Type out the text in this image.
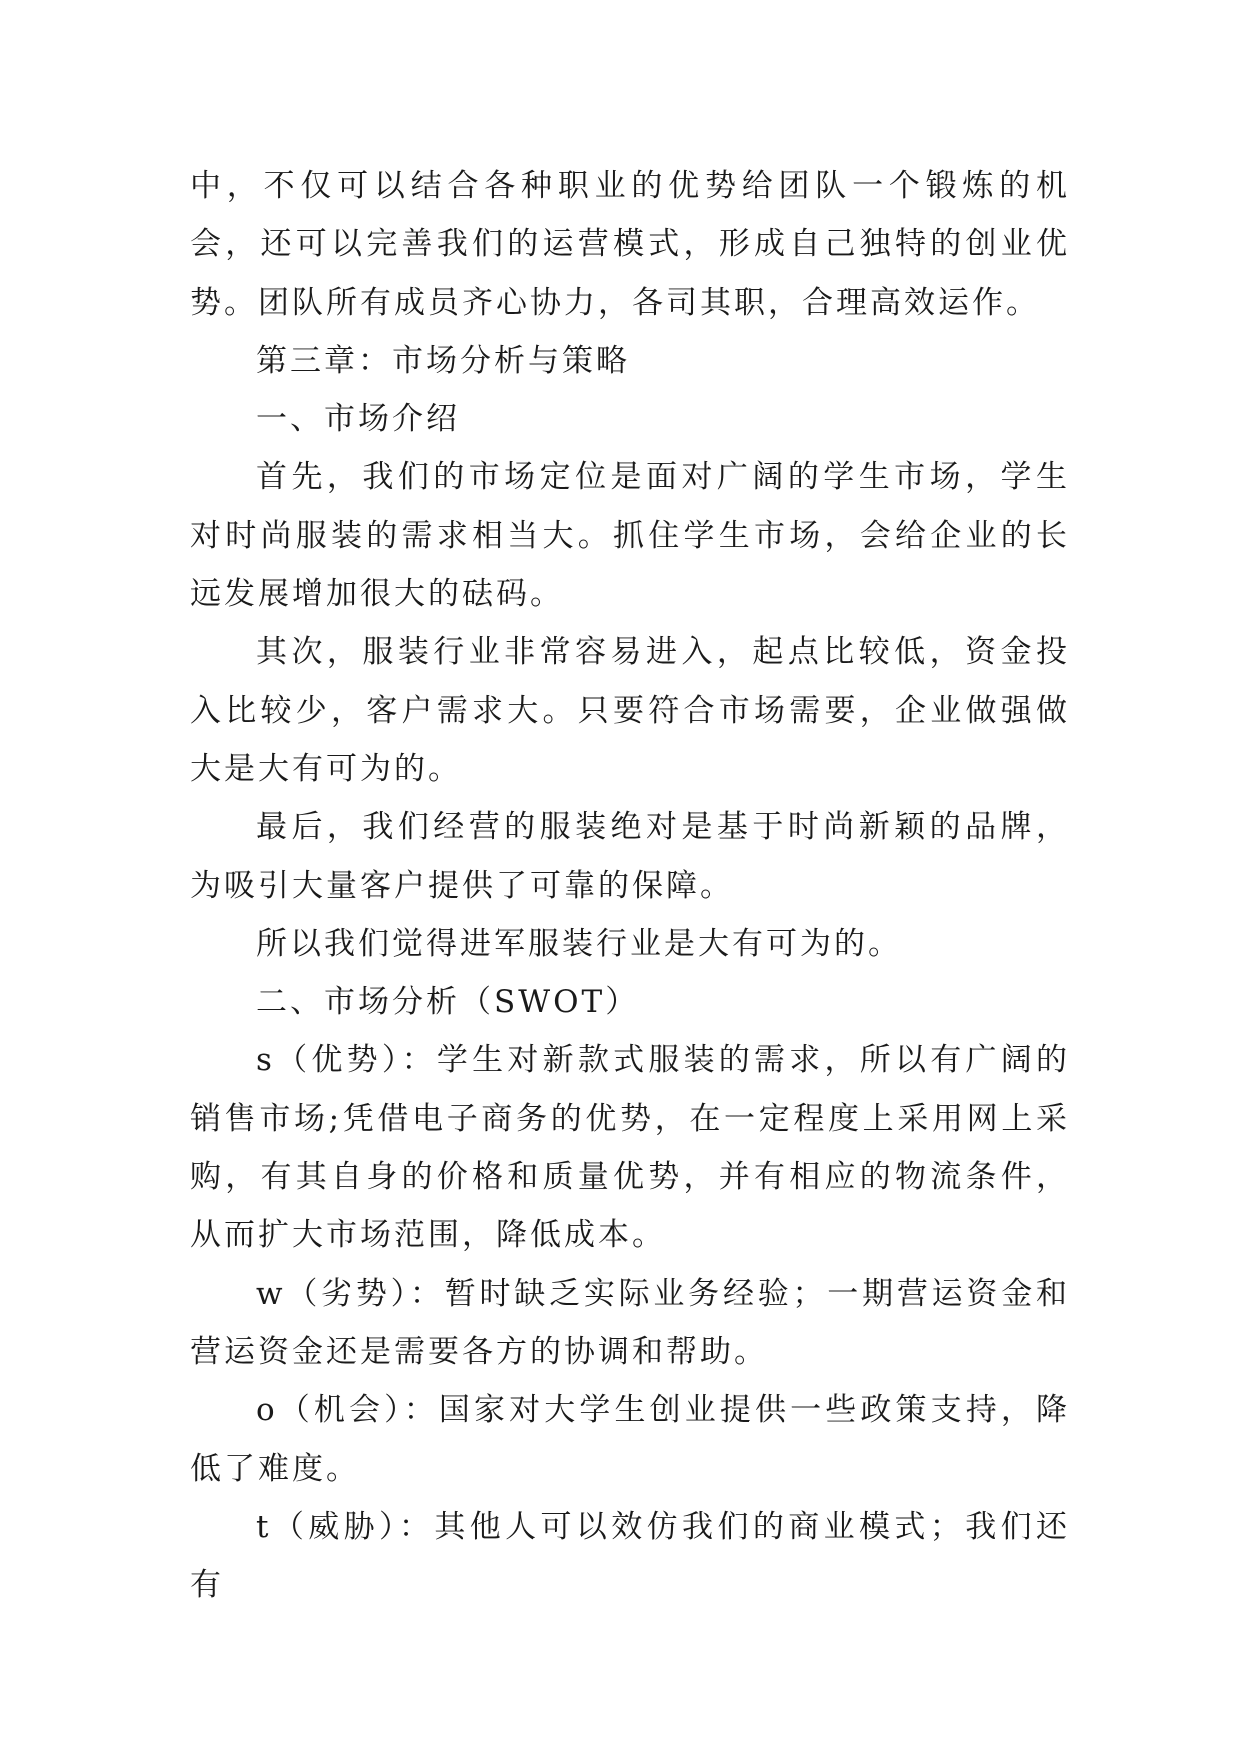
中，不仅可以结合各种职业的优势给团队一个锻炼的机会，还可以完善我们的运营模式，形成自己独特的创业优势。团队所有成员齐心协力，各司其职，合理高效运作。

第三章：市场分析与策略

一、市场介绍

首先，我们的市场定位是面对广阔的学生市场，学生对时尚服装的需求相当大。抓住学生市场，会给企业的长远发展增加很大的砝码。

其次，服装行业非常容易进入，起点比较低，资金投入比较少，客户需求大。只要符合市场需要，企业做强做大是大有可为的。

最后，我们经营的服装绝对是基于时尚新颖的品牌，为吸引大量客户提供了可靠的保障。

所以我们觉得进军服装行业是大有可为的。

二、市场分析（SWOT）

s（优势）：学生对新款式服装的需求，所以有广阔的销售市场;凭借电子商务的优势，在一定程度上采用网上采购，有其自身的价格和质量优势，并有相应的物流条件，从而扩大市场范围，降低成本。

w（劣势）：暂时缺乏实际业务经验；一期营运资金和营运资金还是需要各方的协调和帮助。

o（机会）：国家对大学生创业提供一些政策支持，降低了难度。

t（威胁）：其他人可以效仿我们的商业模式；我们还有
